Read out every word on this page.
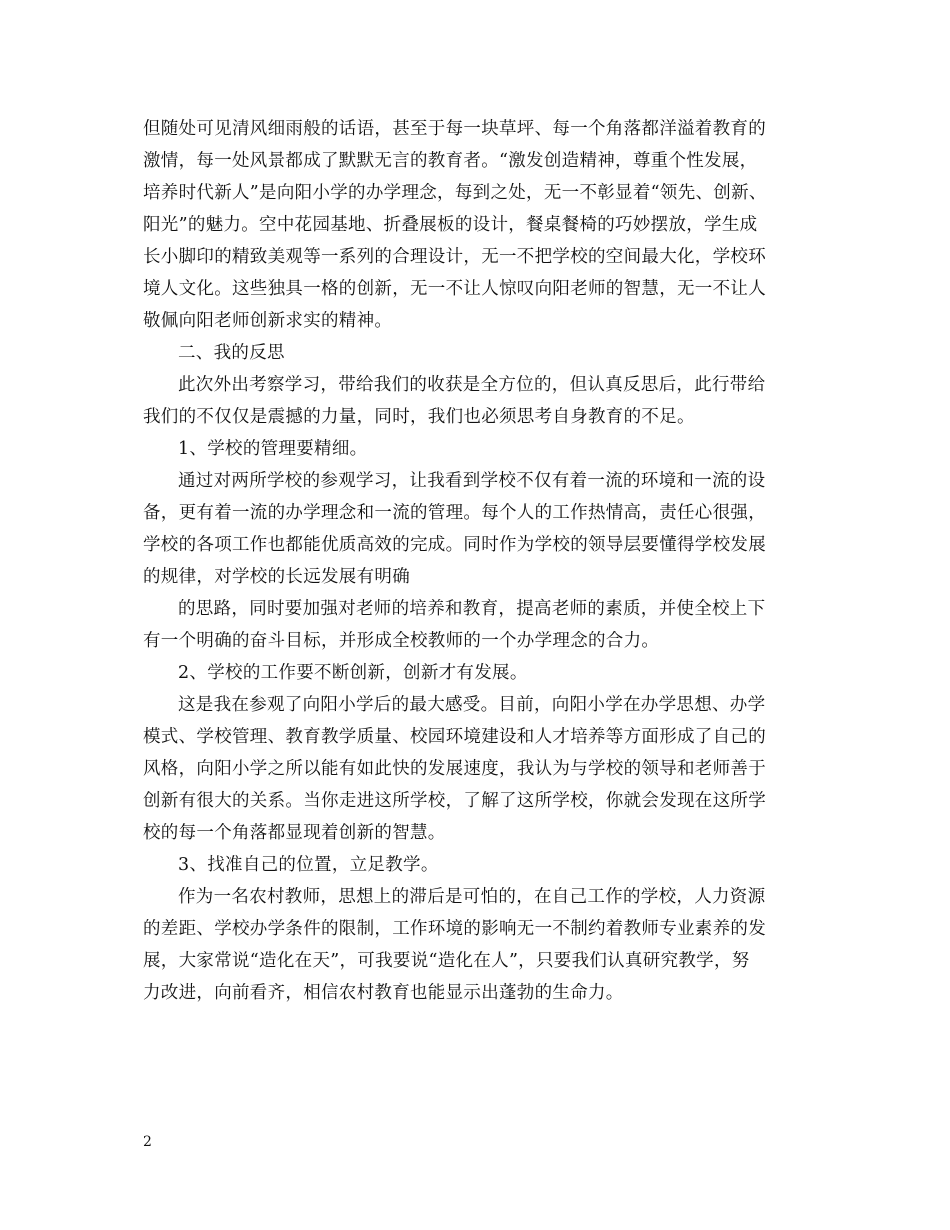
但随处可见清风细雨般的话语，甚至于每一块草坪、每一个角落都洋溢着教育的
激情，每一处风景都成了默默无言的教育者。“激发创造精神，尊重个性发展，
培养时代新人”是向阳小学的办学理念，每到之处，无一不彰显着“领先、创新、
阳光”的魅力。空中花园基地、折叠展板的设计，餐桌餐椅的巧妙摆放，学生成
长小脚印的精致美观等一系列的合理设计，无一不把学校的空间最大化，学校环
境人文化。这些独具一格的创新，无一不让人惊叹向阳老师的智慧，无一不让人
敬佩向阳老师创新求实的精神。
二、我的反思
此次外出考察学习，带给我们的收获是全方位的，但认真反思后，此行带给
我们的不仅仅是震撼的力量，同时，我们也必须思考自身教育的不足。
1、学校的管理要精细。
通过对两所学校的参观学习，让我看到学校不仅有着一流的环境和一流的设
备，更有着一流的办学理念和一流的管理。每个人的工作热情高，责任心很强，
学校的各项工作也都能优质高效的完成。同时作为学校的领导层要懂得学校发展
的规律，对学校的长远发展有明确
的思路，同时要加强对老师的培养和教育，提高老师的素质，并使全校上下
有一个明确的奋斗目标，并形成全校教师的一个办学理念的合力。
2、学校的工作要不断创新，创新才有发展。
这是我在参观了向阳小学后的最大感受。目前，向阳小学在办学思想、办学
模式、学校管理、教育教学质量、校园环境建设和人才培养等方面形成了自己的
风格，向阳小学之所以能有如此快的发展速度，我认为与学校的领导和老师善于
创新有很大的关系。当你走进这所学校，了解了这所学校，你就会发现在这所学
校的每一个角落都显现着创新的智慧。
3、找准自己的位置，立足教学。
作为一名农村教师，思想上的滞后是可怕的，在自己工作的学校，人力资源
的差距、学校办学条件的限制，工作环境的影响无一不制约着教师专业素养的发
展，大家常说“造化在天”，可我要说“造化在人”，只要我们认真研究教学，努
力改进，向前看齐，相信农村教育也能显示出蓬勃的生命力。
2
